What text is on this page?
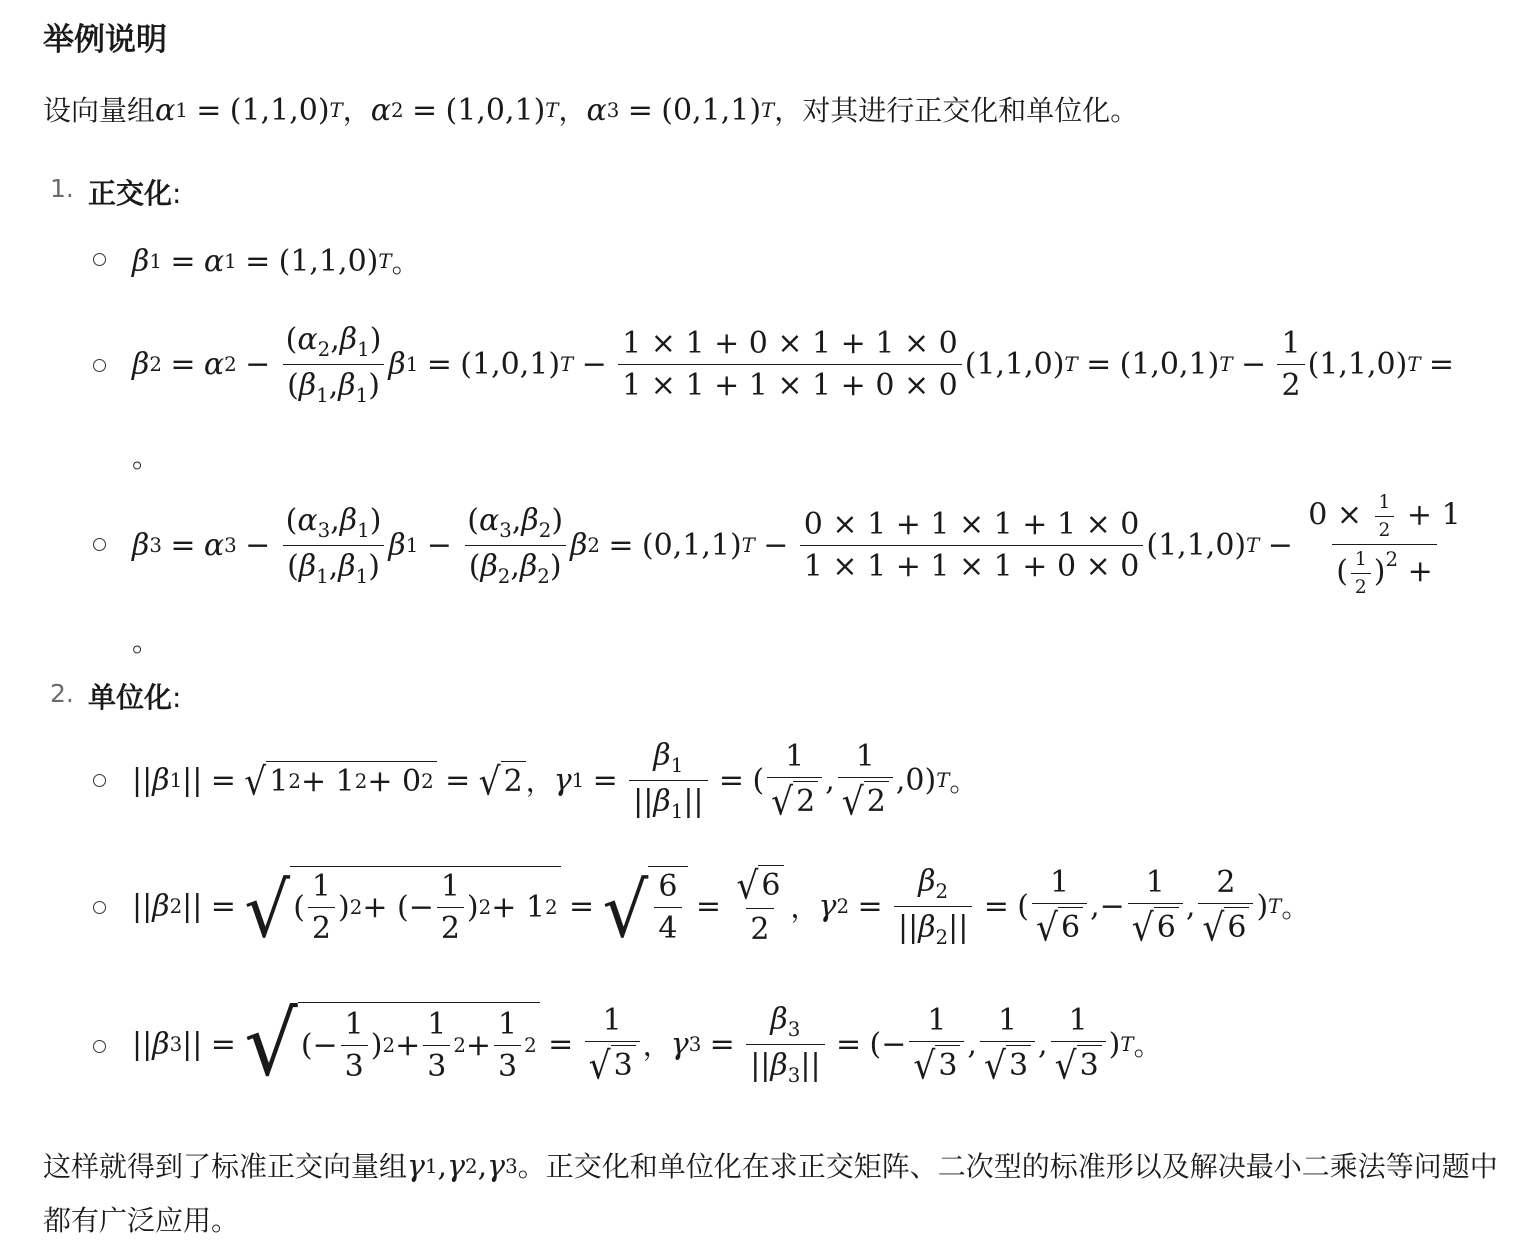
举例说明
设向量组 α 1 = (1,1,0) T ， α 2 = (1,0,1) T ， α 3 = (0,1,1) T ，对其进行正交化和单位化。
1. 正交化:
β 1 = α 1 = (1,1,0) T 。
β 2 = α $2 - \frac{(\alpha_2,\beta_1)}{(\beta_1,\beta_1)}$ β 1 = (1,0,1) $T - \frac{1 \times 1 + 0 \times 1 + 1 \times 0}{1 \times 1 + 1 \times 1 + 0 \times 0} (1,1,0) T = (1,0,1) T - \frac{1}{2} (1,1,0) T$ =
。
β 3 = α $3 - \frac{(\alpha_3,\beta_1)}{(\beta_1,\beta_1)}$ β $1 - \frac{(\alpha_3,\beta_2)}{(\beta_2,\beta_2)}$ β 2 = (0,1,1) $T - \frac{0 \times 1 + 1 \times 1 + 1 \times 0}{1 \times 1 + 1 \times 1 + 0 \times 0} (1,1,0) T - \frac{0 \times \frac{1}{2} + 1}{( \frac{1}{2} )^2 +}$
。
2. 单位化:
|| β 1 || = √ 1 2 + 1 2 + 0 2 = √ 2 ， γ $1 = \frac{\beta_1}{||\beta_1||}$ = ( $\frac{1}{√ 2}$ , $\frac{1}{√ 2} ,0$) T 。
|| β 2 || = √ ( $\frac{1}{2}$ ) 2 + (− $\frac{1}{2}$ ) 2 + 1 2 = √ $\frac{6}{4} = \frac{√ 6}{2}$ ， γ $2 = \frac{\beta_2}{||\beta_2||}$ = ( $\frac{1}{√ 6}$ ,− $\frac{1}{√ 6}$ , $\frac{2}{√ 6}$ ) T 。
|| β 3 || = √ (− $\frac{1}{3}$ ) $2 + \frac{1}{3} 2 + \frac{1}{3} 2 = \frac{1}{√ 3}$ ， γ $3 = \frac{\beta_3}{||\beta_3||}$ = (− $\frac{1}{√ 3}$ , $\frac{1}{√ 3}$ , $\frac{1}{√ 3}$ ) T 。
这样就得到了标准正交向量组 γ 1 , γ 2 , γ 3 。正交化和单位化在求正交矩阵、二次型的标准形以及解决最小二乘法等问题中都有广泛应用。
